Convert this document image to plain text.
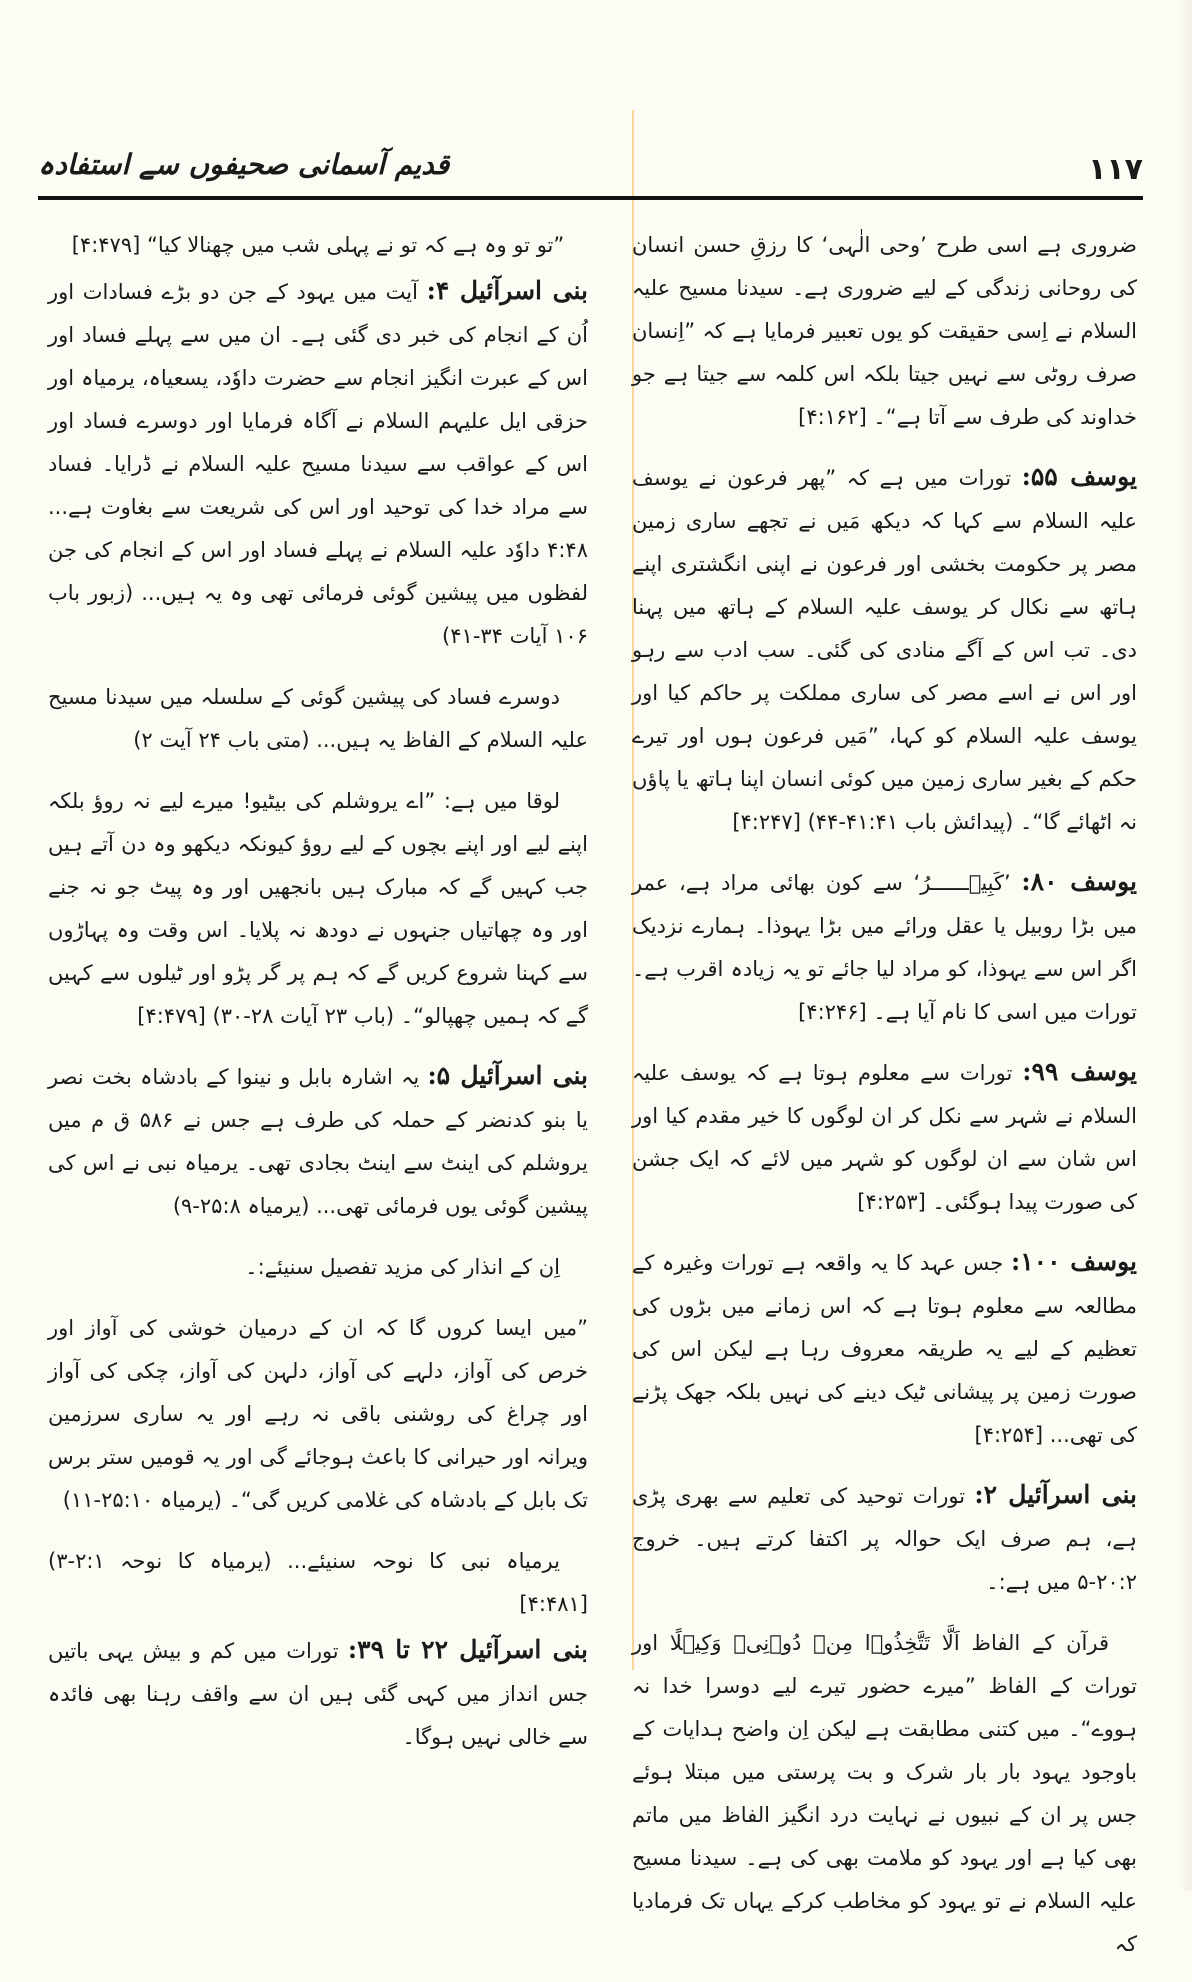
۱۱۷
قدیم آسمانی صحیفوں سے استفادہ

ضروری ہے اسی طرح ’وحی الٰہی‘ کا رزقِ حسن انسان کی روحانی زندگی کے لیے ضروری ہے۔ سیدنا مسیح علیہ السلام نے اِسی حقیقت کو یوں تعبیر فرمایا ہے کہ ”اِنسان صرف روٹی سے نہیں جیتا بلکہ اس کلمہ سے جیتا ہے جو خداوند کی طرف سے آتا ہے“۔ [۴:۱۶۲]

یوسف ۵۵: تورات میں ہے کہ ”پھر فرعون نے یوسف علیہ السلام سے کہا کہ دیکھ مَیں نے تجھے ساری زمین مصر پر حکومت بخشی اور فرعون نے اپنی انگشتری اپنے ہاتھ سے نکال کر یوسف علیہ السلام کے ہاتھ میں پہنا دی۔ تب اس کے آگے منادی کی گئی۔ سب ادب سے رہو اور اس نے اسے مصر کی ساری مملکت پر حاکم کیا اور یوسف علیہ السلام کو کہا، ”مَیں فرعون ہوں اور تیرے حکم کے بغیر ساری زمین میں کوئی انسان اپنا ہاتھ یا پاؤں نہ اٹھائے گا“۔ (پیدائش باب ۴۱:۴۱-۴۴) [۴:۲۴۷]

یوسف ۸۰: ’کَبِیۡــــــرُ‘ سے کون بھائی مراد ہے، عمر میں بڑا روبیل یا عقل ورائے میں بڑا یہوذا۔ ہمارے نزدیک اگر اس سے یہوذا، کو مراد لیا جائے تو یہ زیادہ اقرب ہے۔ تورات میں اسی کا نام آیا ہے۔ [۴:۲۴۶]

یوسف ۹۹: تورات سے معلوم ہوتا ہے کہ یوسف علیہ السلام نے شہر سے نکل کر ان لوگوں کا خیر مقدم کیا اور اس شان سے ان لوگوں کو شہر میں لائے کہ ایک جشن کی صورت پیدا ہوگئی۔ [۴:۲۵۳]

یوسف ۱۰۰: جس عہد کا یہ واقعہ ہے تورات وغیرہ کے مطالعہ سے معلوم ہوتا ہے کہ اس زمانے میں بڑوں کی تعظیم کے لیے یہ طریقہ معروف رہا ہے لیکن اس کی صورت زمین پر پیشانی ٹیک دینے کی نہیں بلکہ جھک پڑنے کی تھی... [۴:۲۵۴]

بنی اسرآئیل ۲: تورات توحید کی تعلیم سے بھری پڑی ہے، ہم صرف ایک حوالہ پر اکتفا کرتے ہیں۔ خروج ۲۰:۲-۵ میں ہے:۔

قرآن کے الفاظ اَلَّا تَتَّخِذُوۡا مِنۡ دُوۡنِیۡ وَکِیۡلًا اور تورات کے الفاظ ”میرے حضور تیرے لیے دوسرا خدا نہ ہووے“۔ میں کتنی مطابقت ہے لیکن اِن واضح ہدایات کے باوجود یہود بار بار شرک و بت پرستی میں مبتلا ہوئے جس پر ان کے نبیوں نے نہایت درد انگیز الفاظ میں ماتم بھی کیا ہے اور یہود کو ملامت بھی کی ہے۔ سیدنا مسیح علیہ السلام نے تو یہود کو مخاطب کرکے یہاں تک فرمادیا کہ

”تو تو وہ ہے کہ تو نے پہلی شب میں چھنالا کیا“ [۴:۴۷۹]

بنی اسرآئیل ۴: آیت میں یہود کے جن دو بڑے فسادات اور اُن کے انجام کی خبر دی گئی ہے۔ ان میں سے پہلے فساد اور اس کے عبرت انگیز انجام سے حضرت داوٗد، یسعیاہ، یرمیاہ اور حزقی ایل علیہم السلام نے آگاہ فرمایا اور دوسرے فساد اور اس کے عواقب سے سیدنا مسیح علیہ السلام نے ڈرایا۔ فساد سے مراد خدا کی توحید اور اس کی شریعت سے بغاوت ہے... ۴:۴۸ داوٗد علیہ السلام نے پہلے فساد اور اس کے انجام کی جن لفظوں میں پیشین گوئی فرمائی تھی وہ یہ ہیں... (زبور باب ۱۰۶ آیات ۳۴-۴۱)

دوسرے فساد کی پیشین گوئی کے سلسلہ میں سیدنا مسیح علیہ السلام کے الفاظ یہ ہیں... (متی باب ۲۴ آیت ۲)

لوقا میں ہے: ”اے یروشلم کی بیٹیو! میرے لیے نہ روؤ بلکہ اپنے لیے اور اپنے بچوں کے لیے روؤ کیونکہ دیکھو وہ دن آتے ہیں جب کہیں گے کہ مبارک ہیں بانجھیں اور وہ پیٹ جو نہ جنے اور وہ چھاتیاں جنہوں نے دودھ نہ پلایا۔ اس وقت وہ پہاڑوں سے کہنا شروع کریں گے کہ ہم پر گر پڑو اور ٹیلوں سے کہیں گے کہ ہمیں چھپالو“۔ (باب ۲۳ آیات ۲۸-۳۰) [۴:۴۷۹]

بنی اسرآئیل ۵: یہ اشارہ بابل و نینوا کے بادشاہ بخت نصر یا بنو کدنضر کے حملہ کی طرف ہے جس نے ۵۸۶ ق م میں یروشلم کی اینٹ سے اینٹ بجادی تھی۔ یرمیاہ نبی نے اس کی پیشین گوئی یوں فرمائی تھی... (یرمیاہ ۲۵:۸-۹)

اِن کے انذار کی مزید تفصیل سنیئے:۔

”میں ایسا کروں گا کہ ان کے درمیان خوشی کی آواز اور خرص کی آواز، دلہے کی آواز، دلہن کی آواز، چکی کی آواز اور چراغ کی روشنی باقی نہ رہے اور یہ ساری سرزمین ویرانہ اور حیرانی کا باعث ہوجائے گی اور یہ قومیں ستر برس تک بابل کے بادشاہ کی غلامی کریں گی“۔ (یرمیاہ ۲۵:۱۰-۱۱)

یرمیاہ نبی کا نوحہ سنیئے... (یرمیاہ کا نوحہ ۲:۱-۳) [۴:۴۸۱]

بنی اسرآئیل ۲۲ تا ۳۹: تورات میں کم و بیش یہی باتیں جس انداز میں کہی گئی ہیں ان سے واقف رہنا بھی فائدہ سے خالی نہیں ہوگا۔
